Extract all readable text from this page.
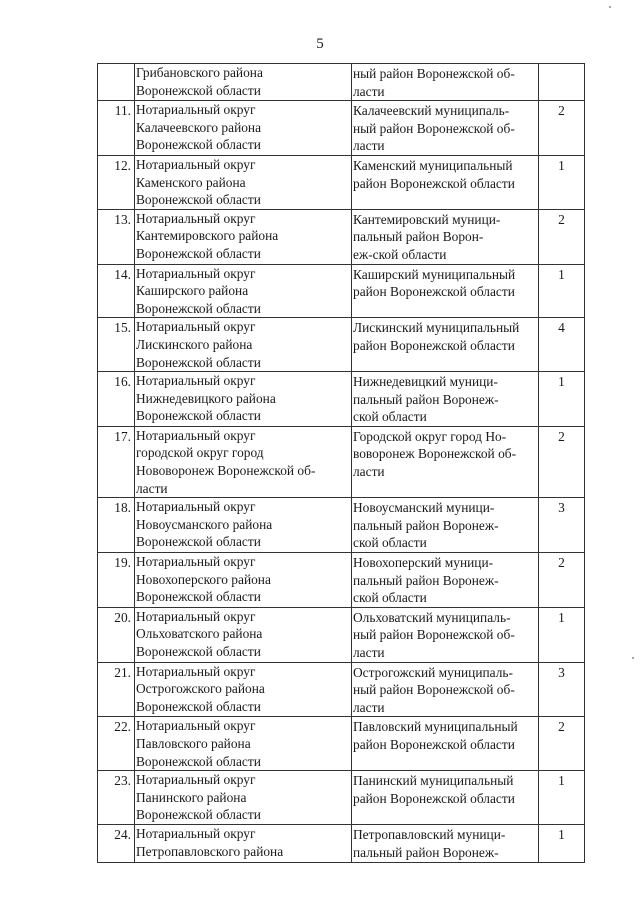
5
	Грибановского района
Воронежской области	ный район Воронежской об-
ласти	
11.	Нотариальный округ
Калачеевского района
Воронежской области	Калачеевский муниципаль-
ный район Воронежской об-
ласти	2
12.	Нотариальный округ
Каменского района
Воронежской области	Каменский муниципальный
район Воронежской области	1
13.	Нотариальный округ
Кантемировского района
Воронежской области	Кантемировский муници-
пальный район Ворон-
еж-ской области	2
14.	Нотариальный округ
Каширского района
Воронежской области	Каширский муниципальный
район Воронежской области	1
15.	Нотариальный округ
Лискинского района
Воронежской области	Лискинский муниципальный
район Воронежской области	4
16.	Нотариальный округ
Нижнедевицкого района
Воронежской области	Нижнедевицкий муници-
пальный район Воронеж-
ской области	1
17.	Нотариальный округ
городской округ город
Нововоронеж Воронежской об-
ласти	Городской округ город Но-
воворонеж Воронежской об-
ласти	2
18.	Нотариальный округ
Новоусманского района
Воронежской области	Новоусманский муници-
пальный район Воронеж-
ской области	3
19.	Нотариальный округ
Новохоперского района
Воронежской области	Новохоперский муници-
пальный район Воронеж-
ской области	2
20.	Нотариальный округ
Ольховатского района
Воронежской области	Ольховатский муниципаль-
ный район Воронежской об-
ласти	1
21.	Нотариальный округ
Острогожского района
Воронежской области	Острогожский муниципаль-
ный район Воронежской об-
ласти	3
22.	Нотариальный округ
Павловского района
Воронежской области	Павловский муниципальный
район Воронежской области	2
23.	Нотариальный округ
Панинского района
Воронежской области	Панинский муниципальный
район Воронежской области	1
24.	Нотариальный округ
Петропавловского района	Петропавловский муници-
пальный район Воронеж-	1
